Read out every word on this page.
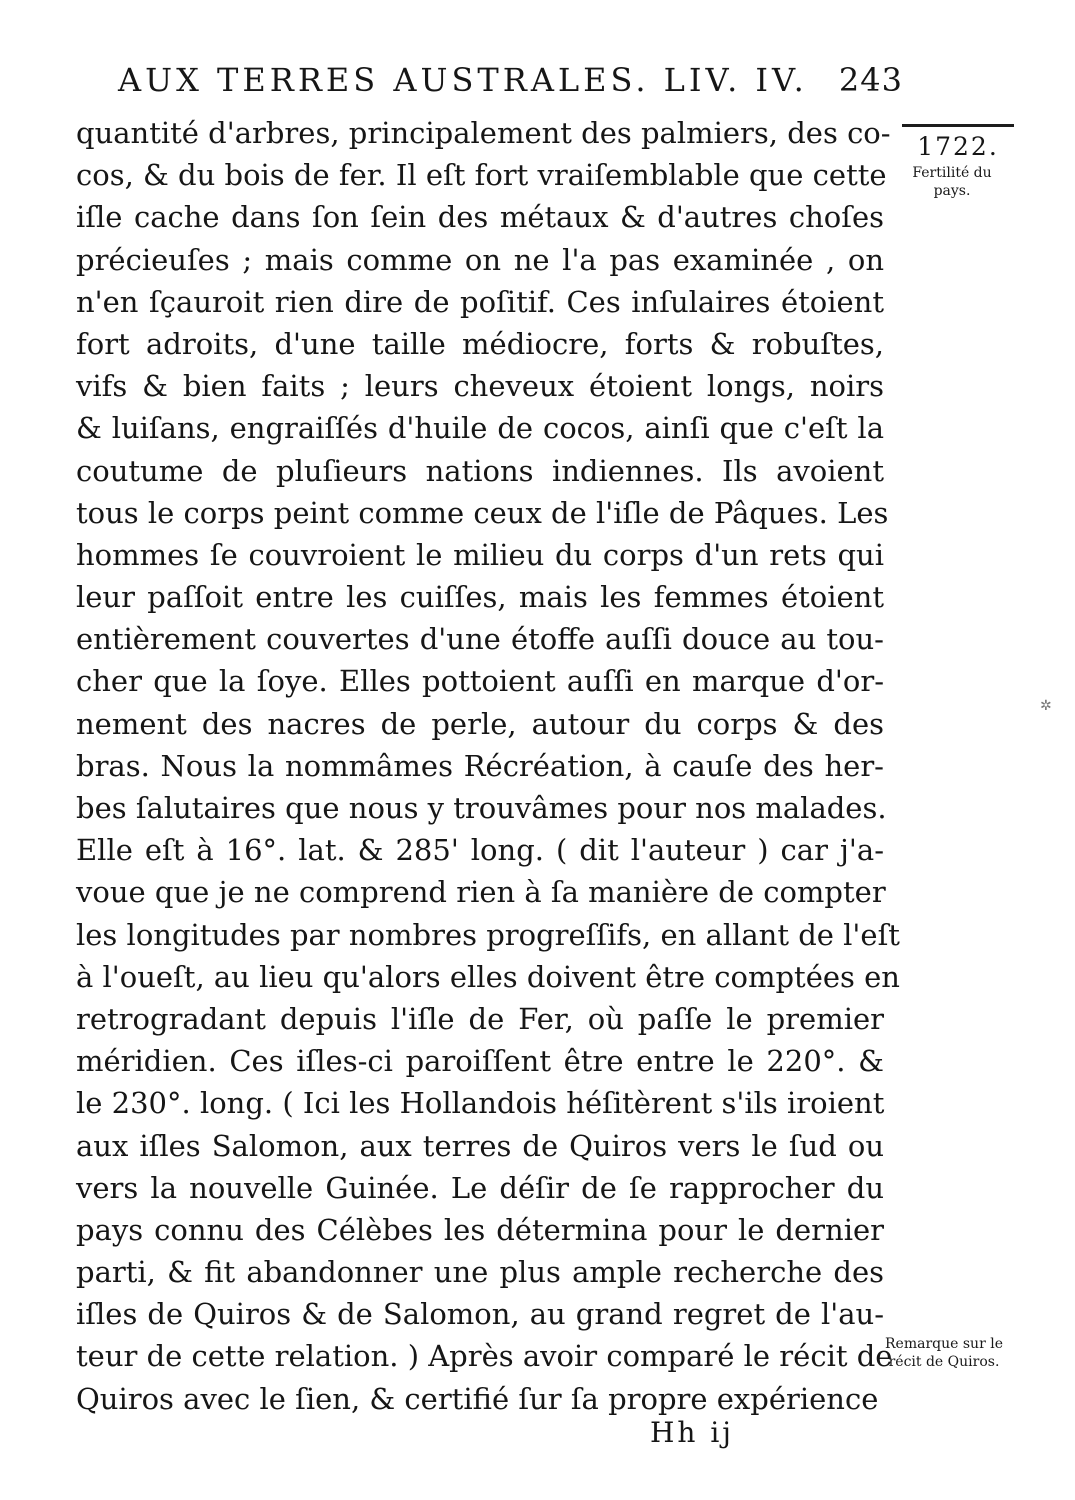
AUX TERRES AUSTRALES. LIV. IV. 243
1722.
Fertilité du pays.
Remarque sur le récit de Quiros.
quantité d'arbres, principalement des palmiers, des co-
cos, & du bois de fer. Il eſt fort vraiſemblable que cette
iſle cache dans ſon ſein des métaux & d'autres choſes
précieuſes ; mais comme on ne l'a pas examinée , on
n'en ſçauroit rien dire de poſitif. Ces inſulaires étoient
fort adroits, d'une taille médiocre, forts & robuſtes,
vifs & bien faits ; leurs cheveux étoient longs, noirs
& luiſans, engraiſſés d'huile de cocos, ainſi que c'eſt la
coutume de pluſieurs nations indiennes. Ils avoient
tous le corps peint comme ceux de l'iſle de Pâques. Les
hommes ſe couvroient le milieu du corps d'un rets qui
leur paſſoit entre les cuiſſes, mais les femmes étoient
entièrement couvertes d'une étoffe auſſi douce au tou-
cher que la ſoye. Elles pottoient auſſi en marque d'or-
nement des nacres de perle, autour du corps & des
bras. Nous la nommâmes Récréation, à cauſe des her-
bes ſalutaires que nous y trouvâmes pour nos malades.
Elle eſt à 16°. lat. & 285' long. ( dit l'auteur ) car j'a-
voue que je ne comprend rien à ſa manière de compter
les longitudes par nombres progreſſifs, en allant de l'eſt
à l'oueſt, au lieu qu'alors elles doivent être comptées en
retrogradant depuis l'iſle de Fer, où paſſe le premier
méridien. Ces iſles-ci paroiſſent être entre le 220°. &
le 230°. long. ( Ici les Hollandois héſitèrent s'ils iroient
aux iſles Salomon, aux terres de Quiros vers le ſud ou
vers la nouvelle Guinée. Le déſir de ſe rapprocher du
pays connu des Célèbes les détermina pour le dernier
parti, & fit abandonner une plus ample recherche des
iſles de Quiros & de Salomon, au grand regret de l'au-
teur de cette relation. ) Après avoir comparé le récit de
Quiros avec le ſien, & certifié ſur ſa propre expérience
Hh ij
✲
